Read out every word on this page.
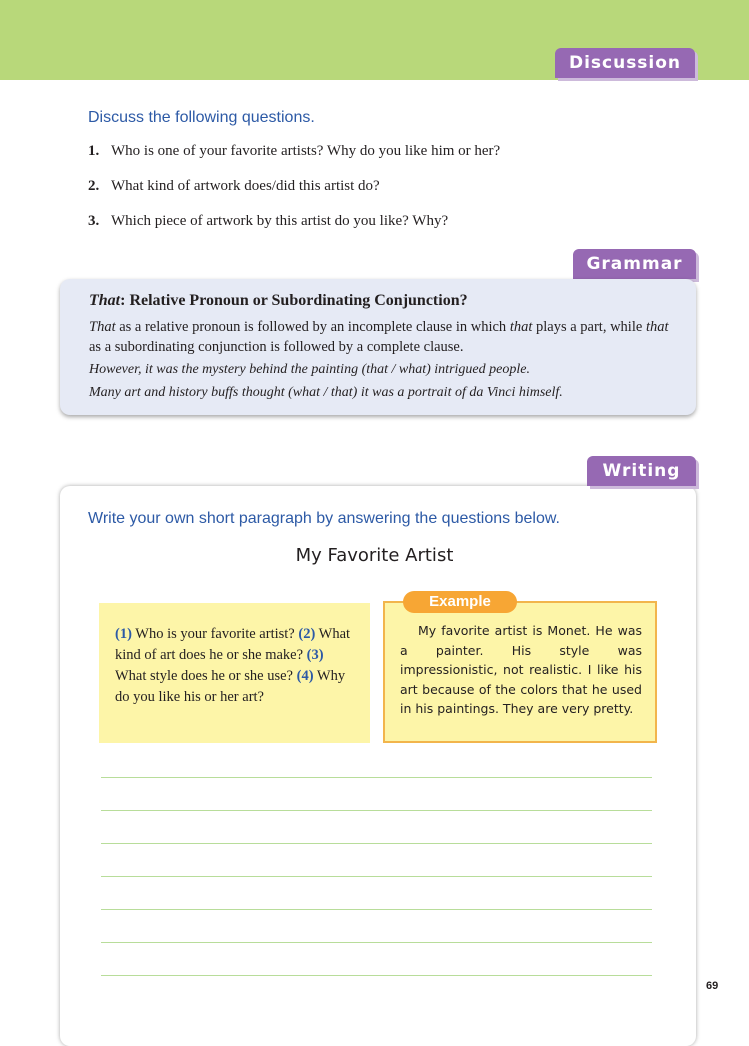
Discussion
Discuss the following questions.
1. Who is one of your favorite artists? Why do you like him or her?
2. What kind of artwork does/did this artist do?
3. Which piece of artwork by this artist do you like? Why?
Grammar
That: Relative Pronoun or Subordinating Conjunction?
That as a relative pronoun is followed by an incomplete clause in which that plays a part, while that as a subordinating conjunction is followed by a complete clause.
However, it was the mystery behind the painting (that / what) intrigued people.
Many art and history buffs thought (what / that) it was a portrait of da Vinci himself.
Writing
Write your own short paragraph by answering the questions below.
My Favorite Artist
(1) Who is your favorite artist? (2) What kind of art does he or she make? (3) What style does he or she use? (4) Why do you like his or her art?
Example
My favorite artist is Monet. He was a painter. His style was impressionistic, not realistic. I like his art because of the colors that he used in his paintings. They are very pretty.
69
